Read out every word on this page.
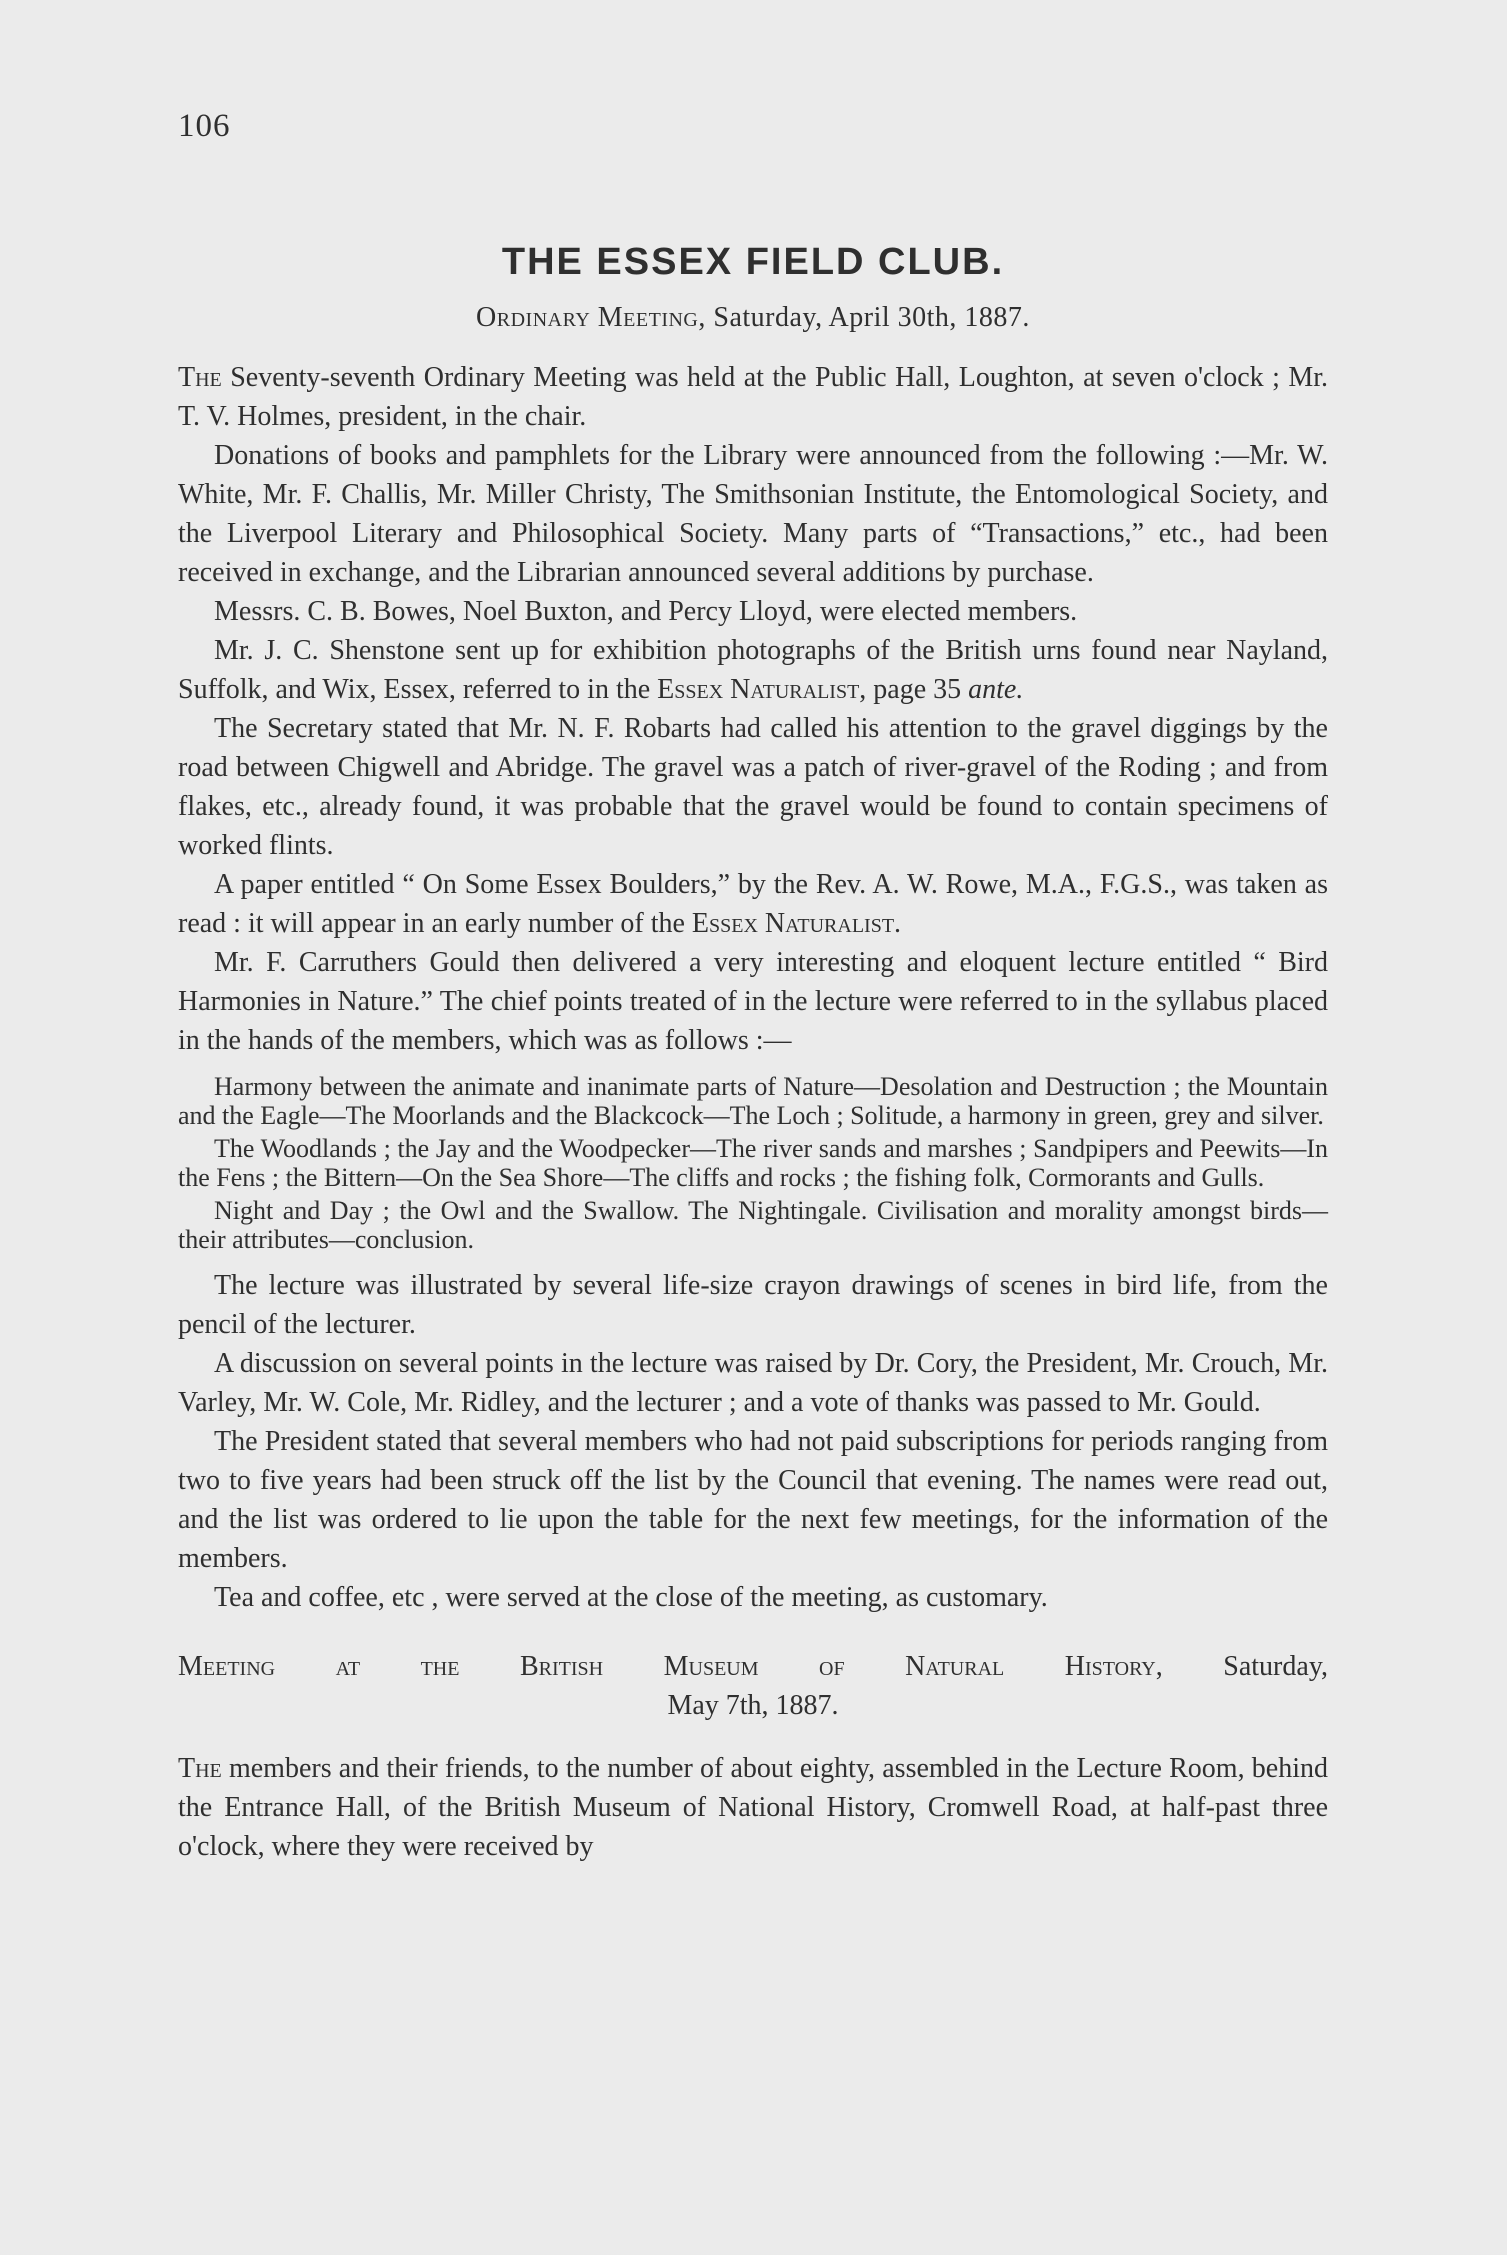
106
THE ESSEX FIELD CLUB.
Ordinary Meeting, Saturday, April 30th, 1887.

The Seventy-seventh Ordinary Meeting was held at the Public Hall, Loughton, at seven o'clock ; Mr. T. V. Holmes, president, in the chair.

Donations of books and pamphlets for the Library were announced from the following :—Mr. W. White, Mr. F. Challis, Mr. Miller Christy, The Smithsonian Institute, the Entomological Society, and the Liverpool Literary and Philosophical Society. Many parts of “Transactions,” etc., had been received in exchange, and the Librarian announced several additions by purchase.

Messrs. C. B. Bowes, Noel Buxton, and Percy Lloyd, were elected members.

Mr. J. C. Shenstone sent up for exhibition photographs of the British urns found near Nayland, Suffolk, and Wix, Essex, referred to in the Essex Naturalist, page 35 ante.

The Secretary stated that Mr. N. F. Robarts had called his attention to the gravel diggings by the road between Chigwell and Abridge. The gravel was a patch of river-gravel of the Roding ; and from flakes, etc., already found, it was probable that the gravel would be found to contain specimens of worked flints.

A paper entitled “ On Some Essex Boulders,” by the Rev. A. W. Rowe, M.A., F.G.S., was taken as read : it will appear in an early number of the Essex Naturalist.

Mr. F. Carruthers Gould then delivered a very interesting and eloquent lecture entitled “ Bird Harmonies in Nature.” The chief points treated of in the lecture were referred to in the syllabus placed in the hands of the members, which was as follows :—

Harmony between the animate and inanimate parts of Nature—Desolation and Destruction ; the Mountain and the Eagle—The Moorlands and the Blackcock—The Loch ; Solitude, a harmony in green, grey and silver.

The Woodlands ; the Jay and the Woodpecker—The river sands and marshes ; Sandpipers and Peewits—In the Fens ; the Bittern—On the Sea Shore—The cliffs and rocks ; the fishing folk, Cormorants and Gulls.

Night and Day ; the Owl and the Swallow. The Nightingale. Civilisation and morality amongst birds—their attributes—conclusion.

The lecture was illustrated by several life-size crayon drawings of scenes in bird life, from the pencil of the lecturer.

A discussion on several points in the lecture was raised by Dr. Cory, the President, Mr. Crouch, Mr. Varley, Mr. W. Cole, Mr. Ridley, and the lecturer ; and a vote of thanks was passed to Mr. Gould.

The President stated that several members who had not paid subscriptions for periods ranging from two to five years had been struck off the list by the Council that evening. The names were read out, and the list was ordered to lie upon the table for the next few meetings, for the information of the members.

Tea and coffee, etc , were served at the close of the meeting, as customary.

Meeting at the British Museum of Natural History, Saturday,
May 7th, 1887.

The members and their friends, to the number of about eighty, assembled in the Lecture Room, behind the Entrance Hall, of the British Museum of National History, Cromwell Road, at half-past three o'clock, where they were received by
